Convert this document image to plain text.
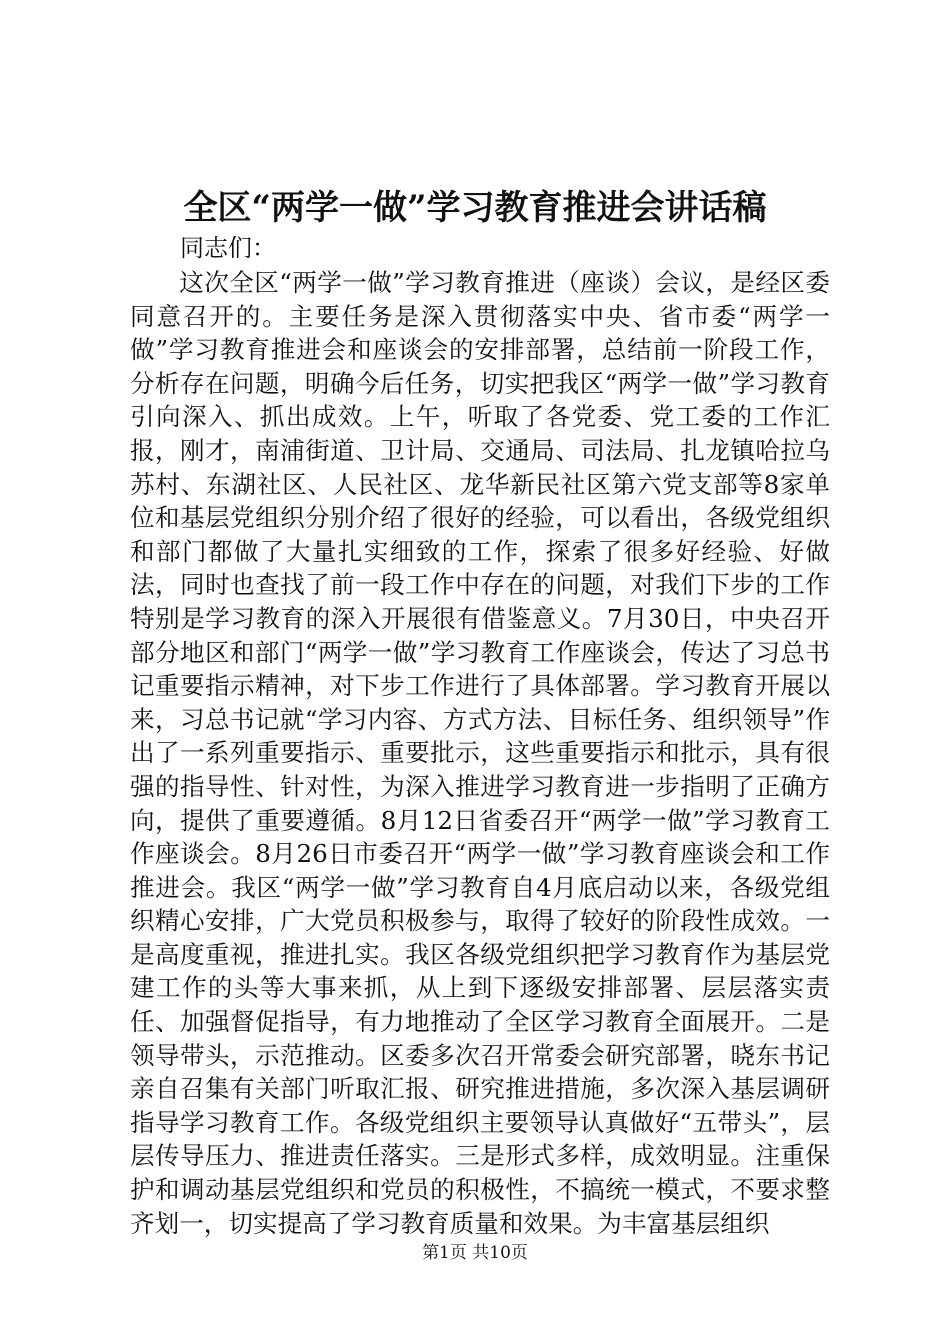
全区“两学一做”学习教育推进会讲话稿

同志们：

这次全区“两学一做”学习教育推进（座谈）会议，是经区委同意召开的。主要任务是深入贯彻落实中央、省市委“两学一做”学习教育推进会和座谈会的安排部署，总结前一阶段工作，分析存在问题，明确今后任务，切实把我区“两学一做”学习教育引向深入、抓出成效。上午，听取了各党委、党工委的工作汇报，刚才，南浦街道、卫计局、交通局、司法局、扎龙镇哈拉乌苏村、东湖社区、人民社区、龙华新民社区第六党支部等8家单位和基层党组织分别介绍了很好的经验，可以看出，各级党组织和部门都做了大量扎实细致的工作，探索了很多好经验、好做法，同时也查找了前一段工作中存在的问题，对我们下步的工作特别是学习教育的深入开展很有借鉴意义。7月30日，中央召开部分地区和部门“两学一做”学习教育工作座谈会，传达了习总书记重要指示精神，对下步工作进行了具体部署。学习教育开展以来，习总书记就“学习内容、方式方法、目标任务、组织领导”作出了一系列重要指示、重要批示，这些重要指示和批示，具有很强的指导性、针对性，为深入推进学习教育进一步指明了正确方向，提供了重要遵循。8月12日省委召开“两学一做”学习教育工作座谈会。8月26日市委召开“两学一做”学习教育座谈会和工作推进会。我区“两学一做”学习教育自4月底启动以来，各级党组织精心安排，广大党员积极参与，取得了较好的阶段性成效。一是高度重视，推进扎实。我区各级党组织把学习教育作为基层党建工作的头等大事来抓，从上到下逐级安排部署、层层落实责任、加强督促指导，有力地推动了全区学习教育全面展开。二是领导带头，示范推动。区委多次召开常委会研究部署，晓东书记亲自召集有关部门听取汇报、研究推进措施，多次深入基层调研指导学习教育工作。各级党组织主要领导认真做好“五带头”，层层传导压力、推进责任落实。三是形式多样，成效明显。注重保护和调动基层党组织和党员的积极性，不搞统一模式，不要求整齐划一，切实提高了学习教育质量和效果。为丰富基层组织

第1页 共10页
